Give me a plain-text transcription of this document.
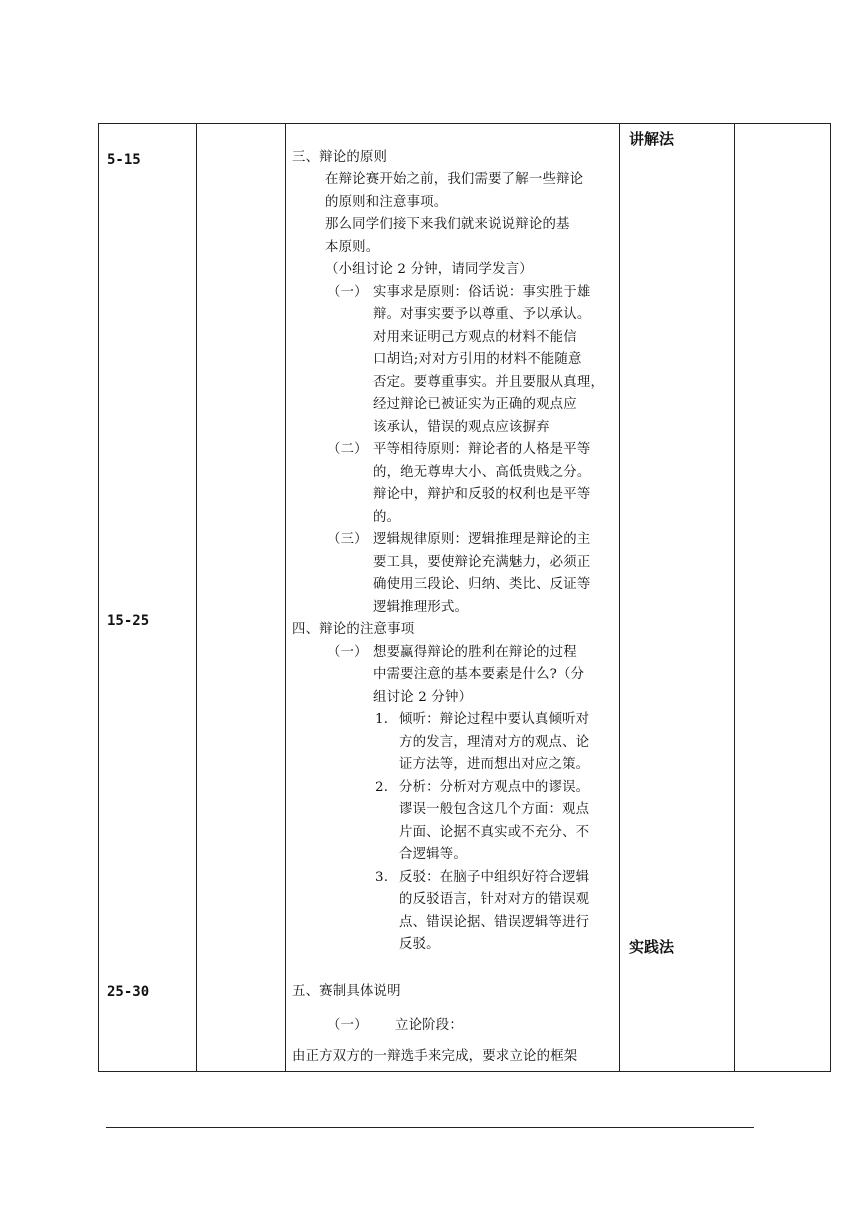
5-15
15-25
25-30
讲解法
实践法
三、辩论的原则
在辩论赛开始之前，我们需要了解一些辩论
的原则和注意事项。
那么同学们接下来我们就来说说辩论的基
本原则。
（小组讨论 2 分钟，请同学发言）
（一） 实事求是原则：俗话说：事实胜于雄
辩。对事实要予以尊重、予以承认。
对用来证明己方观点的材料不能信
口胡诌;对对方引用的材料不能随意
否定。要尊重事实。并且要服从真理，
经过辩论已被证实为正确的观点应
该承认，错误的观点应该摒弃
（二） 平等相待原则：辩论者的人格是平等
的，绝无尊卑大小、高低贵贱之分。
辩论中，辩护和反驳的权利也是平等
的。
（三） 逻辑规律原则：逻辑推理是辩论的主
要工具，要使辩论充满魅力，必须正
确使用三段论、归纳、类比、反证等
逻辑推理形式。
四、辩论的注意事项
（一） 想要赢得辩论的胜利在辩论的过程
中需要注意的基本要素是什么?（分
组讨论 2 分钟）
1. 倾听：辩论过程中要认真倾听对
方的发言，理清对方的观点、论
证方法等，进而想出对应之策。
2. 分析：分析对方观点中的谬误。
谬误一般包含这几个方面：观点
片面、论据不真实或不充分、不
合逻辑等。
3. 反驳：在脑子中组织好符合逻辑
的反驳语言，针对对方的错误观
点、错误论据、错误逻辑等进行
反驳。
五、赛制具体说明
（一） 立论阶段：
由正方双方的一辩选手来完成，要求立论的框架
